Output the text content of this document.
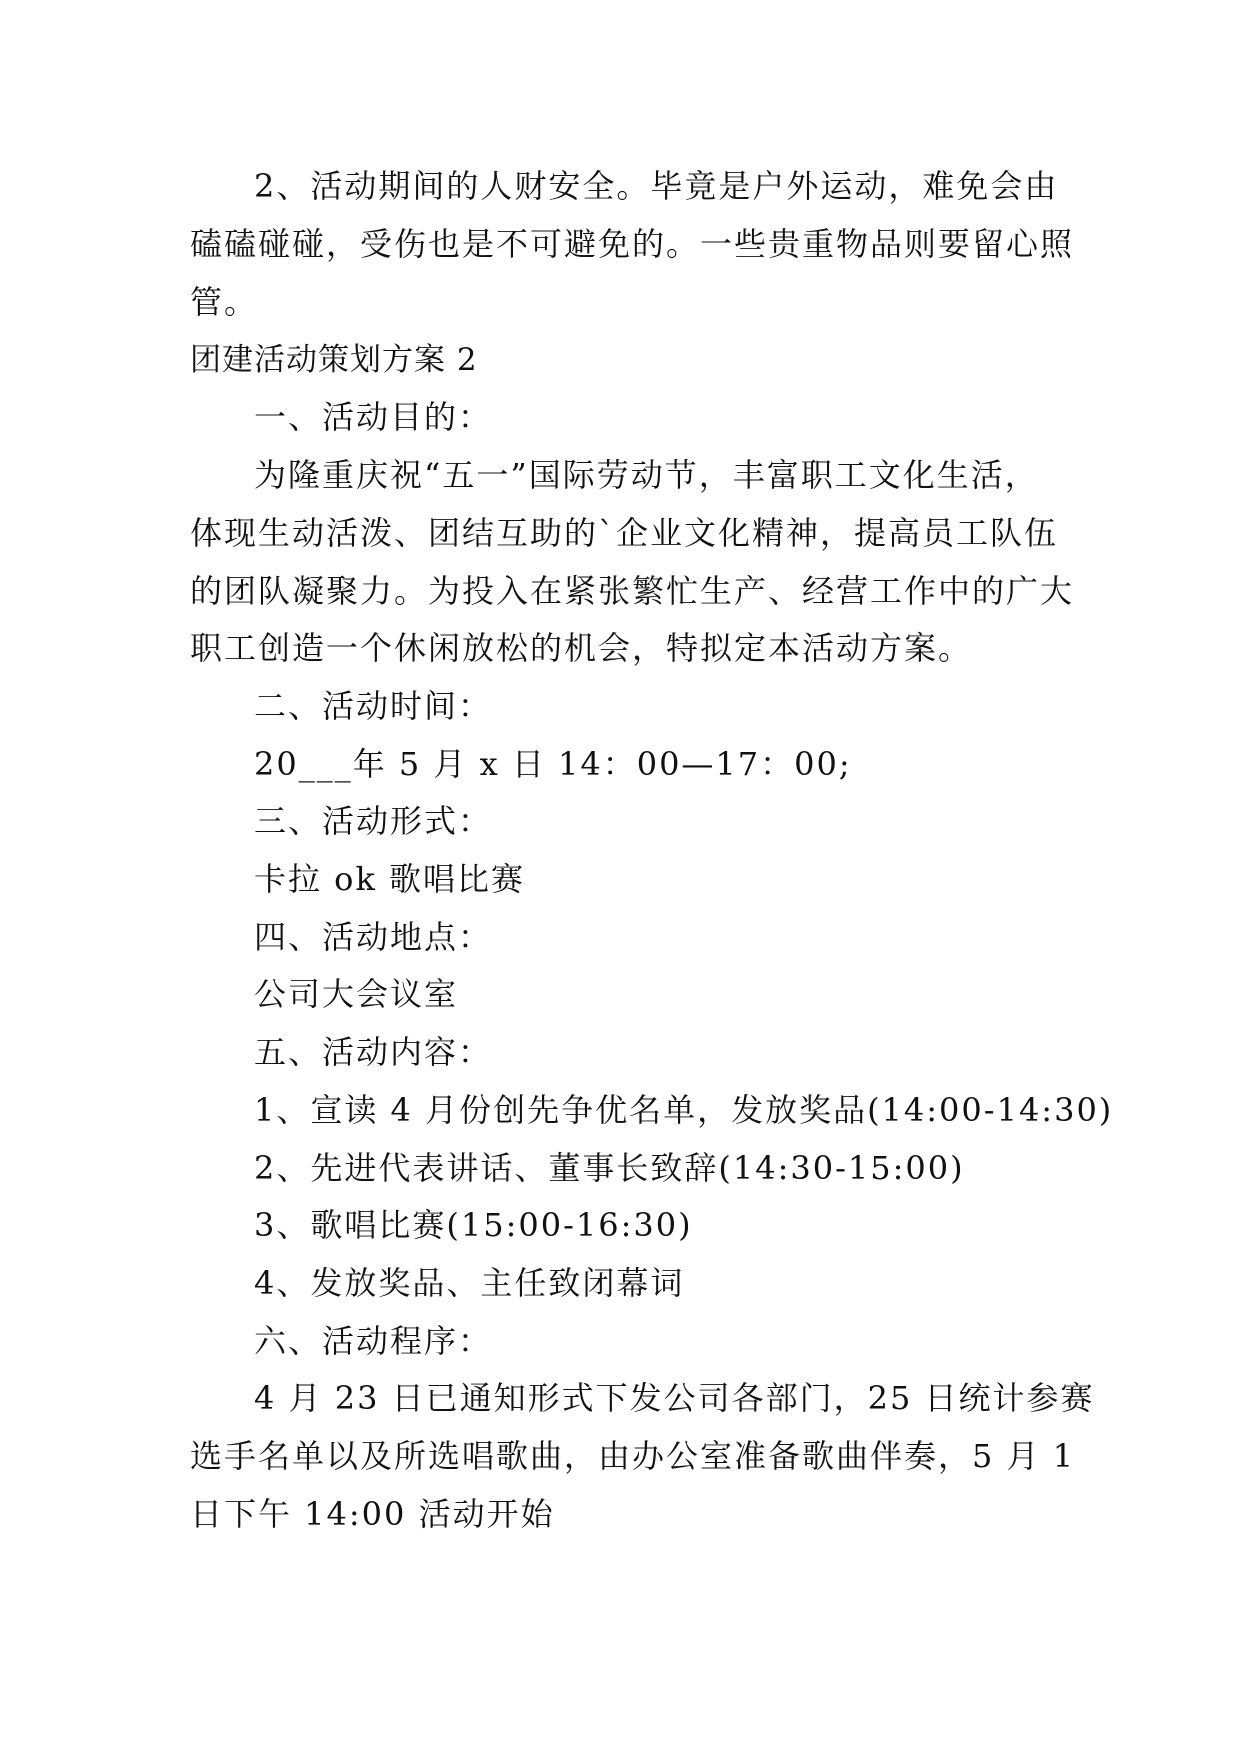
2、活动期间的人财安全。毕竟是户外运动，难免会由
磕磕碰碰，受伤也是不可避免的。一些贵重物品则要留心照
管。
团建活动策划方案 2
一、活动目的：
为隆重庆祝“五一”国际劳动节，丰富职工文化生活，
体现生动活泼、团结互助的`企业文化精神，提高员工队伍
的团队凝聚力。为投入在紧张繁忙生产、经营工作中的广大
职工创造一个休闲放松的机会，特拟定本活动方案。
二、活动时间：
20___年 5 月 x 日 14：00—17：00;
三、活动形式：
卡拉 ok 歌唱比赛
四、活动地点：
公司大会议室
五、活动内容：
1、宣读 4 月份创先争优名单，发放奖品(14:00-14:30)
2、先进代表讲话、董事长致辞(14:30-15:00)
3、歌唱比赛(15:00-16:30)
4、发放奖品、主任致闭幕词
六、活动程序：
4 月 23 日已通知形式下发公司各部门，25 日统计参赛
选手名单以及所选唱歌曲，由办公室准备歌曲伴奏，5 月 1
日下午 14:00 活动开始
